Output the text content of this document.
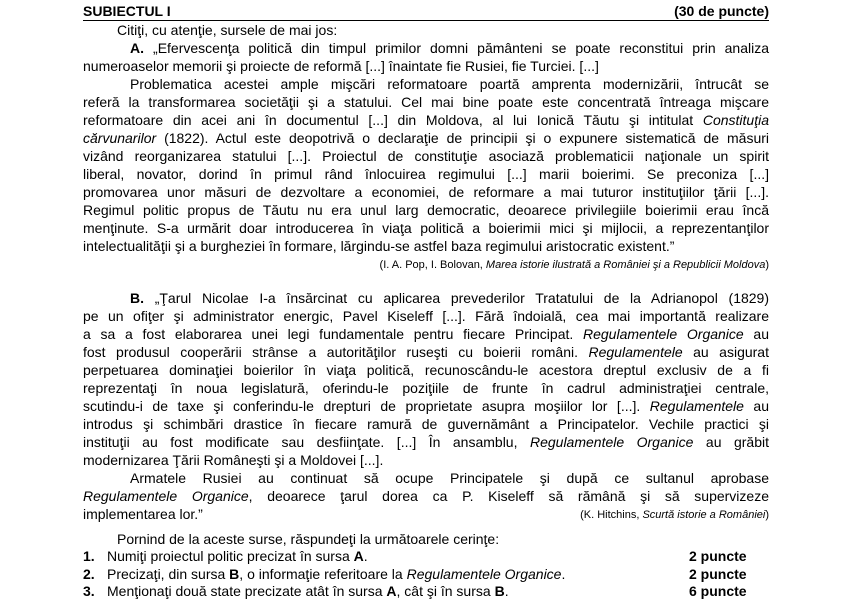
SUBIECTUL I	(30 de puncte)
Citiţi, cu atenţie, sursele de mai jos:
A. „Efervescenţa politică din timpul primilor domni pământeni se poate reconstitui prin analiza
numeroaselor memorii şi proiecte de reformă [...] înaintate fie Rusiei, fie Turciei. [...]
Problematica acestei ample mişcări reformatoare poartă amprenta modernizării, întrucât se
referă la transformarea societăţii şi a statului. Cel mai bine poate este concentrată întreaga mişcare
reformatoare din acei ani în documentul [...] din Moldova, al lui Ionică Tăutu şi intitulat Constituţia
cărvunarilor (1822). Actul este deopotrivă o declaraţie de principii şi o expunere sistematică de măsuri
vizând reorganizarea statului [...]. Proiectul de constituţie asociază problematicii naţionale un spirit
liberal, novator, dorind în primul rând înlocuirea regimului [...] marii boierimi. Se preconiza [...]
promovarea unor măsuri de dezvoltare a economiei, de reformare a mai tuturor instituţiilor ţării [...].
Regimul politic propus de Tăutu nu era unul larg democratic, deoarece privilegiile boierimii erau încă
menţinute. S-a urmărit doar introducerea în viaţa politică a boierimii mici şi mijlocii, a reprezentanţilor
intelectualităţii şi a burgheziei în formare, lărgindu-se astfel baza regimului aristocratic existent.”
(I. A. Pop, I. Bolovan, Marea istorie ilustrată a României şi a Republicii Moldova)
B. „Ţarul Nicolae I-a însărcinat cu aplicarea prevederilor Tratatului de la Adrianopol (1829)
pe un ofiţer şi administrator energic, Pavel Kiseleff [...]. Fără îndoială, cea mai importantă realizare
a sa a fost elaborarea unei legi fundamentale pentru fiecare Principat. Regulamentele Organice au
fost produsul cooperării strânse a autorităţilor ruseşti cu boierii români. Regulamentele au asigurat
perpetuarea dominaţiei boierilor în viaţa politică, recunoscându-le acestora dreptul exclusiv de a fi
reprezentaţi în noua legislatură, oferindu-le poziţiile de frunte în cadrul administraţiei centrale,
scutindu-i de taxe şi conferindu-le drepturi de proprietate asupra moşiilor lor [...]. Regulamentele au
introdus şi schimbări drastice în fiecare ramură de guvernământ a Principatelor. Vechile practici şi
instituţii au fost modificate sau desfiinţate. [...] În ansamblu, Regulamentele Organice au grăbit
modernizarea Ţării Româneşti şi a Moldovei [...].
Armatele Rusiei au continuat să ocupe Principatele şi după ce sultanul aprobase
Regulamentele Organice, deoarece ţarul dorea ca P. Kiseleff să rămână şi să supervizeze
implementarea lor.”	(K. Hitchins, Scurtă istorie a României)
Pornind de la aceste surse, răspundeţi la următoarele cerinţe:
1. Numiţi proiectul politic precizat în sursa A.	2 puncte
2. Precizaţi, din sursa B, o informaţie referitoare la Regulamentele Organice.	2 puncte
3. Menţionaţi două state precizate atât în sursa A, cât şi în sursa B.	6 puncte
